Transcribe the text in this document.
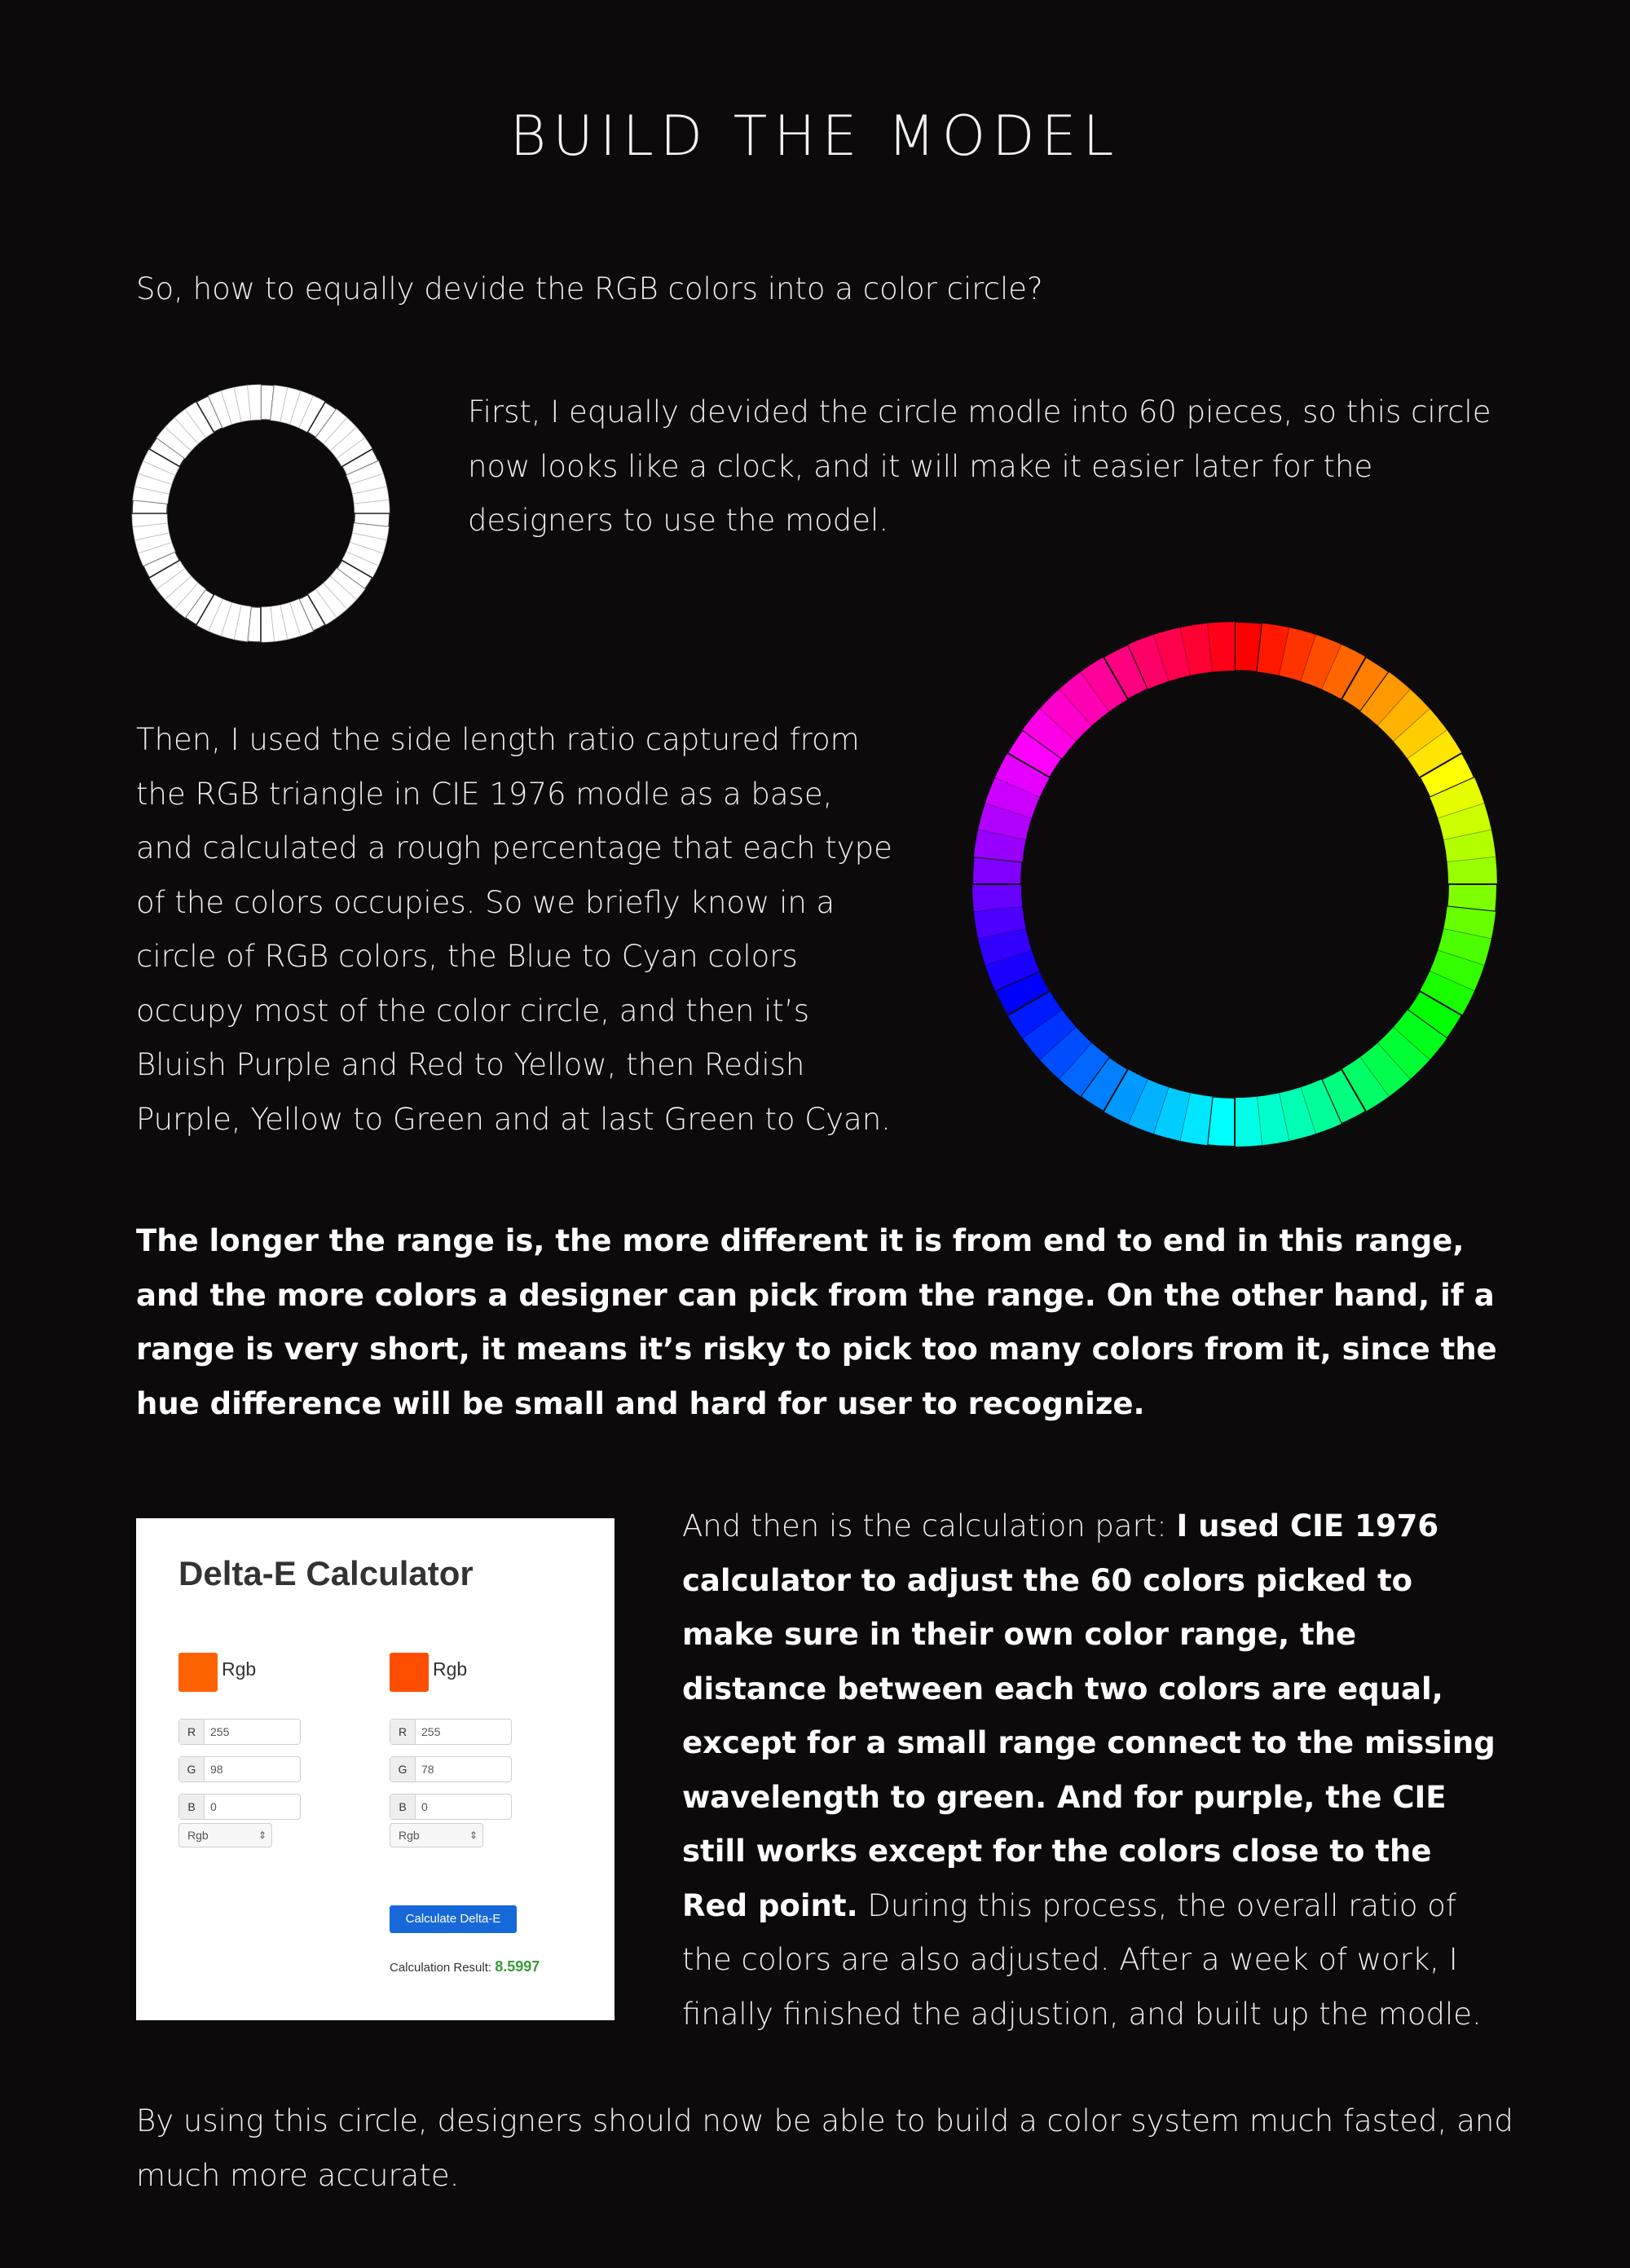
BUILD THE MODEL
So, how to equally devide the RGB colors into a color circle?
First, I equally devided the circle modle into 60 pieces, so this circle now looks like a clock, and it will make it easier later for the designers to use the model.
Then, I used the side length ratio captured from the RGB triangle in CIE 1976 modle as a base, and calculated a rough percentage that each type of the colors occupies. So we briefly know in a circle of RGB colors, the Blue to Cyan colors occupy most of the color circle, and then it’s Bluish Purple and Red to Yellow, then Redish Purple, Yellow to Green and at last Green to Cyan.
The longer the range is, the more different it is from end to end in this range, and the more colors a designer can pick from the range. On the other hand, if a range is very short, it means it’s risky to pick too many colors from it, since the hue difference will be small and hard for user to recognize.
Delta-E Calculator
Rgb
R	255
G	98
B	0
Rgb	⇕
Rgb
R	255
G	78
B	0
Rgb	⇕
Calculate Delta-E
Calculation Result: 8.5997
And then is the calculation part: I used CIE 1976 calculator to adjust the 60 colors picked to make sure in their own color range, the distance between each two colors are equal, except for a small range connect to the missing wavelength to green. And for purple, the CIE still works except for the colors close to the Red point. During this process, the overall ratio of the colors are also adjusted. After a week of work, I finally finished the adjustion, and built up the modle.
By using this circle, designers should now be able to build a color system much fasted, and much more accurate.
